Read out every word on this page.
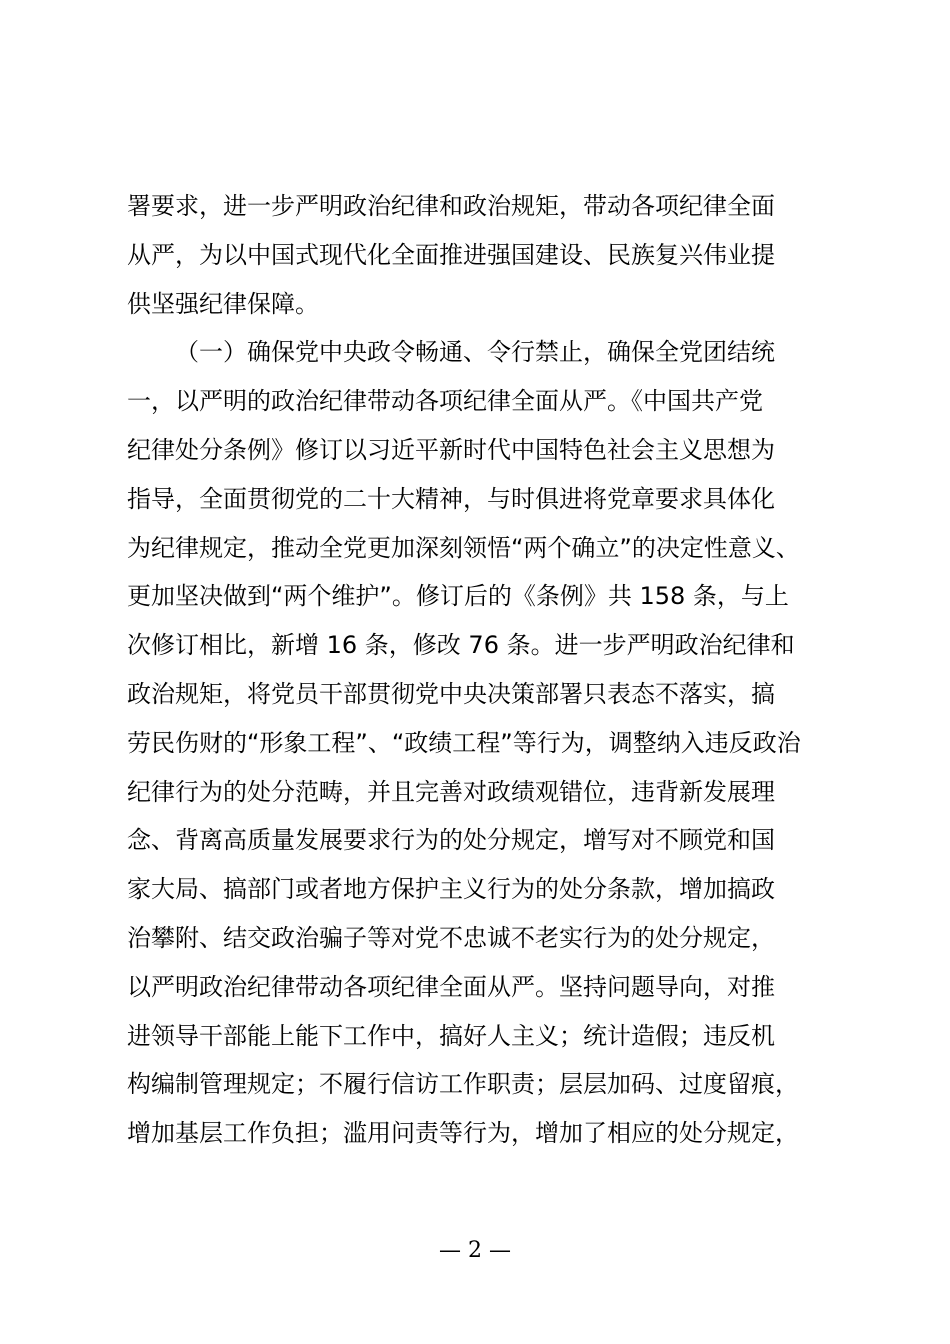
署要求，进一步严明政治纪律和政治规矩，带动各项纪律全面
从严，为以中国式现代化全面推进强国建设、民族复兴伟业提
供坚强纪律保障。
（一）确保党中央政令畅通、令行禁止，确保全党团结统
一，以严明的政治纪律带动各项纪律全面从严。《中国共产党
纪律处分条例》修订以习近平新时代中国特色社会主义思想为
指导，全面贯彻党的二十大精神，与时俱进将党章要求具体化
为纪律规定，推动全党更加深刻领悟“两个确立”的决定性意义、
更加坚决做到“两个维护”。修订后的《条例》共 158 条，与上
次修订相比，新增 16 条，修改 76 条。进一步严明政治纪律和
政治规矩，将党员干部贯彻党中央决策部署只表态不落实，搞
劳民伤财的“形象工程”、“政绩工程”等行为，调整纳入违反政治
纪律行为的处分范畴，并且完善对政绩观错位，违背新发展理
念、背离高质量发展要求行为的处分规定，增写对不顾党和国
家大局、搞部门或者地方保护主义行为的处分条款，增加搞政
治攀附、结交政治骗子等对党不忠诚不老实行为的处分规定，
以严明政治纪律带动各项纪律全面从严。坚持问题导向，对推
进领导干部能上能下工作中，搞好人主义；统计造假；违反机
构编制管理规定；不履行信访工作职责；层层加码、过度留痕，
增加基层工作负担；滥用问责等行为，增加了相应的处分规定，
— 2 —
